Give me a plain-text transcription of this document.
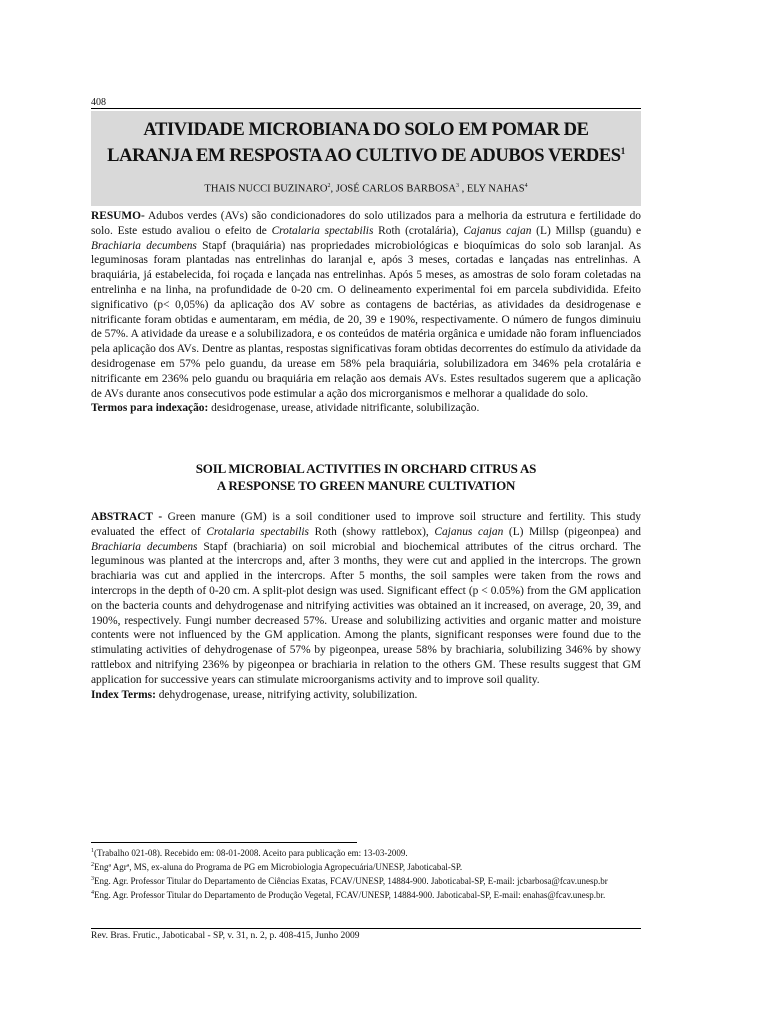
408
ATIVIDADE MICROBIANA DO SOLO EM POMAR DE
LARANJA EM RESPOSTA AO CULTIVO DE ADUBOS VERDES$^1$
THAIS NUCCI BUZINARO$^2$, JOSÉ CARLOS BARBOSA$^3$ , ELY NAHAS$^4$
RESUMO- Adubos verdes (AVs) são condicionadores do solo utilizados para a melhoria da estrutura e fertilidade do solo. Este estudo avaliou o efeito de Crotalaria spectabilis Roth (crotalária), Cajanus cajan (L) Millsp (guandu) e Brachiaria decumbens Stapf (braquiária) nas propriedades microbiológicas e bioquímicas do solo sob laranjal. As leguminosas foram plantadas nas entrelinhas do laranjal e, após 3 meses, cortadas e lançadas nas entrelinhas. A braquiária, já estabelecida, foi roçada e lançada nas entrelinhas. Após 5 meses, as amostras de solo foram coletadas na entrelinha e na linha, na profundidade de 0-20 cm. O delineamento experimental foi em parcela subdividida. Efeito significativo (p< 0,05%) da aplicação dos AV sobre as contagens de bactérias, as atividades da desidrogenase e nitrificante foram obtidas e aumentaram, em média, de 20, 39 e 190%, respectivamente. O número de fungos diminuiu de 57%. A atividade da urease e a solubilizadora, e os conteúdos de matéria orgânica e umidade não foram influenciados pela aplicação dos AVs. Dentre as plantas, respostas significativas foram obtidas decorrentes do estímulo da atividade da desidrogenase em 57% pelo guandu, da urease em 58% pela braquiária, solubilizadora em 346% pela crotalária e nitrificante em 236% pelo guandu ou braquiária em relação aos demais AVs. Estes resultados sugerem que a aplicação de AVs durante anos consecutivos pode estimular a ação dos microrganismos e melhorar a qualidade do solo.
Termos para indexação: desidrogenase, urease, atividade nitrificante, solubilização.
SOIL MICROBIAL ACTIVITIES IN ORCHARD CITRUS AS
A RESPONSE TO GREEN MANURE CULTIVATION
ABSTRACT - Green manure (GM) is a soil conditioner used to improve soil structure and fertility. This study evaluated the effect of Crotalaria spectabilis Roth (showy rattlebox), Cajanus cajan (L) Millsp (pigeonpea) and Brachiaria decumbens Stapf (brachiaria) on soil microbial and biochemical attributes of the citrus orchard. The leguminous was planted at the intercrops and, after 3 months, they were cut and applied in the intercrops. The grown brachiaria was cut and applied in the intercrops. After 5 months, the soil samples were taken from the rows and intercrops in the depth of 0-20 cm. A split-plot design was used. Significant effect (p < 0.05%) from the GM application on the bacteria counts and dehydrogenase and nitrifying activities was obtained an it increased, on average, 20, 39, and 190%, respectively. Fungi number decreased 57%. Urease and solubilizing activities and organic matter and moisture contents were not influenced by the GM application. Among the plants, significant responses were found due to the stimulating activities of dehydrogenase of 57% by pigeonpea, urease 58% by brachiaria, solubilizing 346% by showy rattlebox and nitrifying 236% by pigeonpea or brachiaria in relation to the others GM. These results suggest that GM application for successive years can stimulate microorganisms activity and to improve soil quality.
Index Terms: dehydrogenase, urease, nitrifying activity, solubilization.
$^1$(Trabalho 021-08). Recebido em: 08-01-2008. Aceito para publicação em: 13-03-2009.
$^2$Engª Agrª, MS, ex-aluna do Programa de PG em Microbiologia Agropecuária/UNESP, Jaboticabal-SP.
$^3$Eng. Agr. Professor Titular do Departamento de Ciências Exatas, FCAV/UNESP, 14884-900. Jaboticabal-SP, E-mail: jcbarbosa@fcav.unesp.br
$^4$Eng. Agr. Professor Titular do Departamento de Produção Vegetal, FCAV/UNESP, 14884-900. Jaboticabal-SP, E-mail: enahas@fcav.unesp.br.
Rev. Bras. Frutic., Jaboticabal - SP, v. 31, n. 2, p. 408-415, Junho 2009
